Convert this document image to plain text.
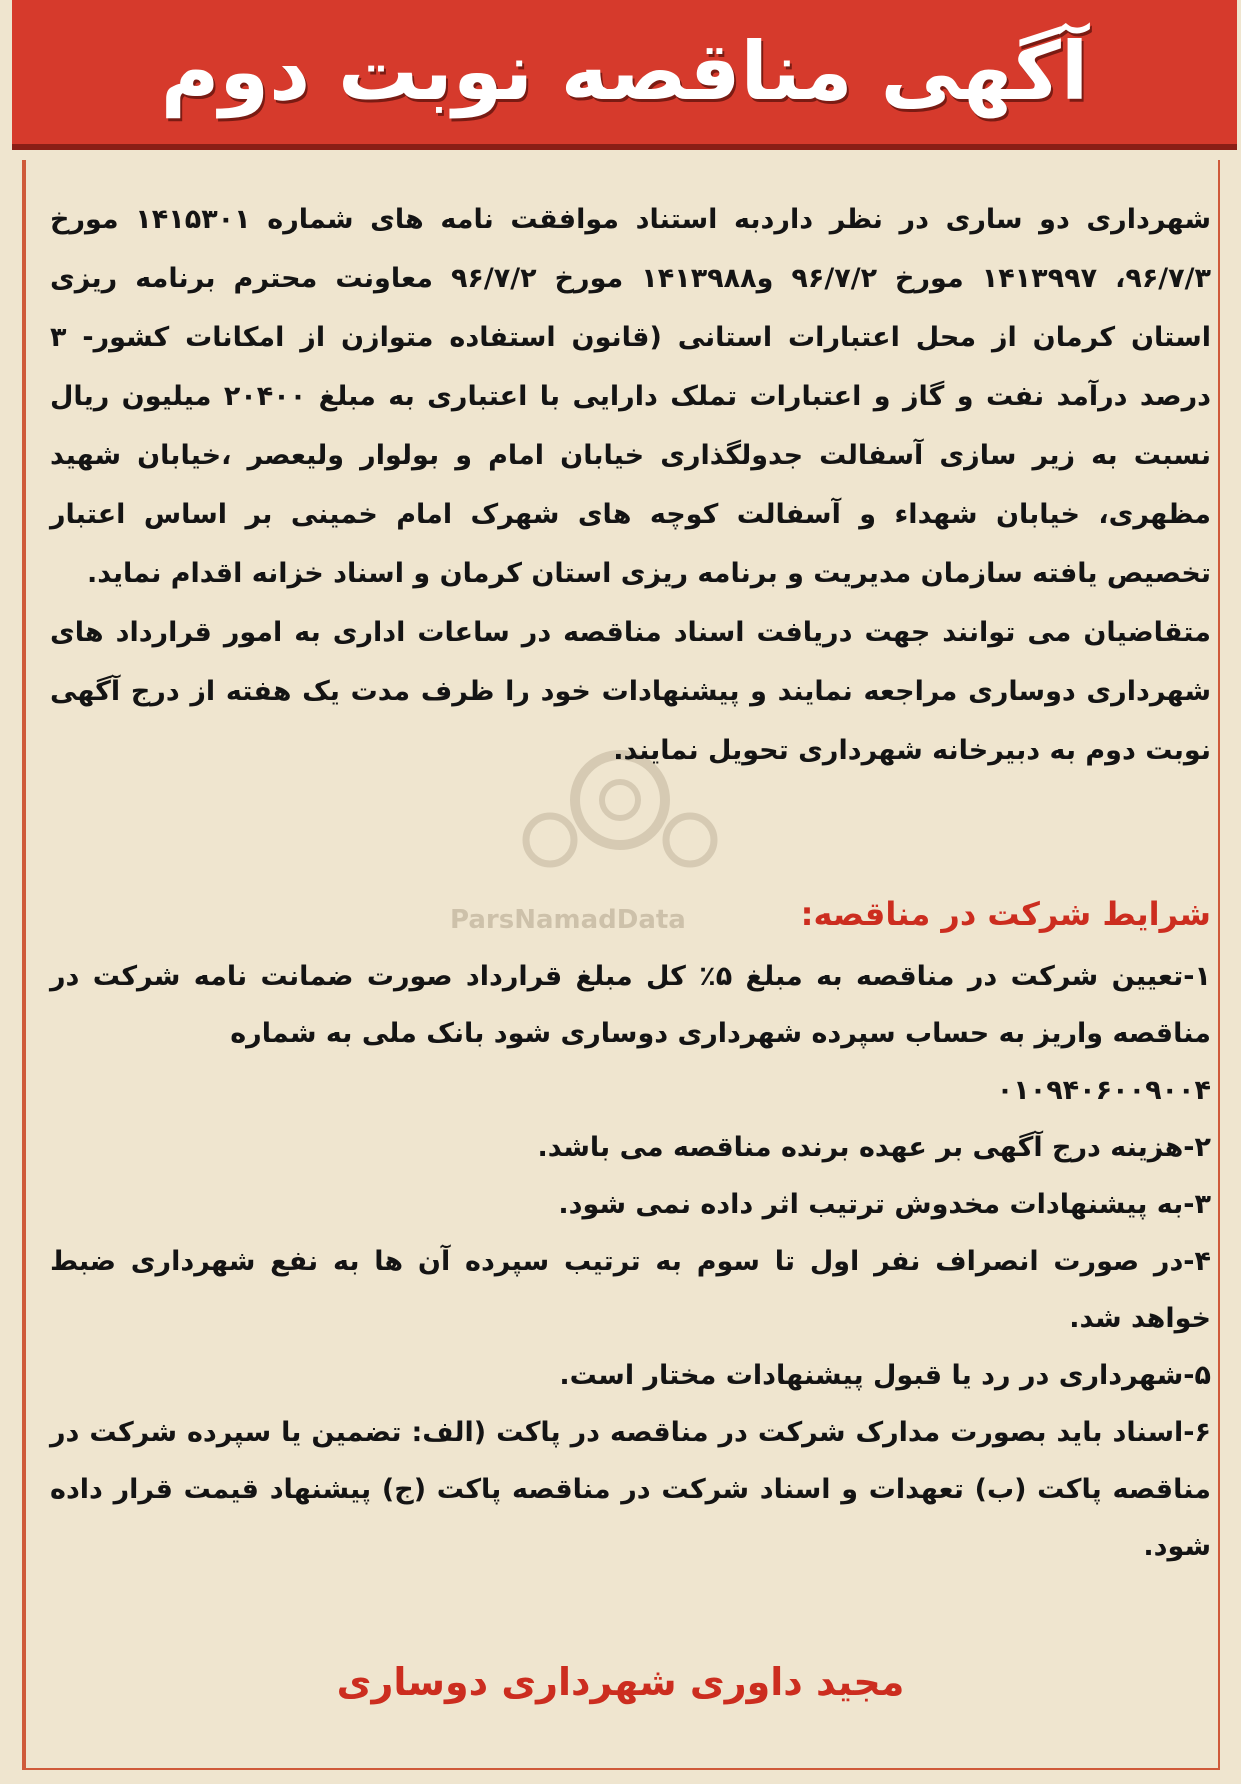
آگهی مناقصه نوبت دوم
ParsNamadData

شهرداری دو ساری در نظر داردبه استناد موافقت نامه های شماره ۱۴۱۵۳۰۱ مورخ ۹۶/۷/۳، ۱۴۱۳۹۹۷ مورخ ۹۶/۷/۲ و۱۴۱۳۹۸۸ مورخ ۹۶/۷/۲ معاونت محترم برنامه ریزی استان کرمان از محل اعتبارات استانی (قانون استفاده متوازن از امکانات کشور- ۳ درصد درآمد نفت و گاز و اعتبارات تملک دارایی با اعتباری به مبلغ ۲۰۴۰۰ میلیون ریال نسبت به زیر سازی آسفالت جدولگذاری خیابان امام و بولوار ولیعصر ،خیابان شهید مظهری، خیابان شهداء و آسفالت کوچه های شهرک امام خمینی بر اساس اعتبار تخصیص یافته سازمان مدیریت و برنامه ریزی استان کرمان و اسناد خزانه اقدام نماید.

متقاضیان می توانند جهت دریافت اسناد مناقصه در ساعات اداری به امور قرارداد های شهرداری دوساری مراجعه نمایند و پیشنهادات خود را ظرف مدت یک هفته از درج آگهی نوبت دوم به دبیرخانه شهرداری تحویل نمایند.

شرایط شرکت در مناقصه:

۱-تعیین شرکت در مناقصه به مبلغ ۵٪ کل مبلغ قرارداد صورت ضمانت نامه شرکت در مناقصه واریز به حساب سپرده شهرداری دوساری شود بانک ملی به شماره

۰۱۰۹۴۰۶۰۰۹۰۰۴

۲-هزینه درج آگهی بر عهده برنده مناقصه می باشد.

۳-به پیشنهادات مخدوش ترتیب اثر داده نمی شود.

۴-در صورت انصراف نفر اول تا سوم به ترتیب سپرده آن ها به نفع شهرداری ضبط خواهد شد.

۵-شهرداری در رد یا قبول پیشنهادات مختار است.

۶-اسناد باید بصورت مدارک شرکت در مناقصه در پاکت (الف: تضمین یا سپرده شرکت در مناقصه پاکت (ب) تعهدات و اسناد شرکت در مناقصه پاکت (ج) پیشنهاد قیمت قرار داده شود.

مجید داوری شهرداری دوساری
